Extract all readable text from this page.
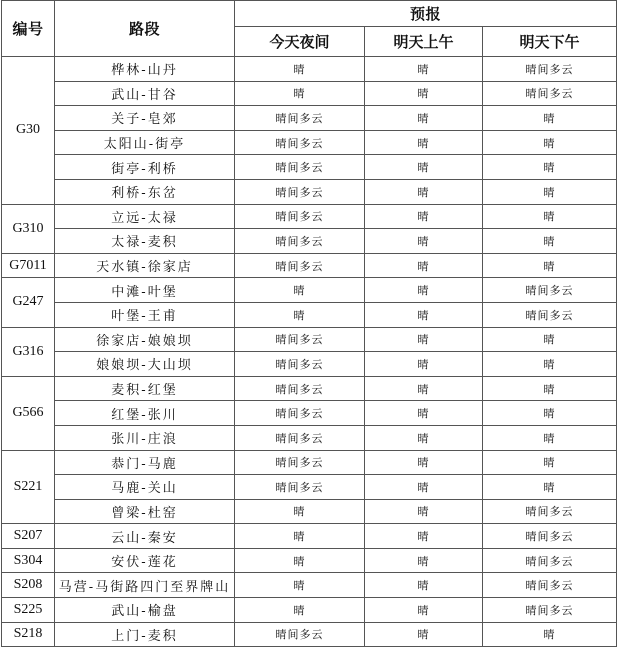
编号	路段	预报		
		今天夜间	明天上午	明天下午
G30	桦林-山丹	晴	晴	晴间多云
	武山-甘谷	晴	晴	晴间多云
	关子-皂郊	晴间多云	晴	晴
	太阳山-街亭	晴间多云	晴	晴
	街亭-利桥	晴间多云	晴	晴
	利桥-东岔	晴间多云	晴	晴
G310	立远-太禄	晴间多云	晴	晴
	太禄-麦积	晴间多云	晴	晴
G7011	天水镇-徐家店	晴间多云	晴	晴
G247	中滩-叶堡	晴	晴	晴间多云
	叶堡-王甫	晴	晴	晴间多云
G316	徐家店-娘娘坝	晴间多云	晴	晴
	娘娘坝-大山坝	晴间多云	晴	晴
G566	麦积-红堡	晴间多云	晴	晴
	红堡-张川	晴间多云	晴	晴
	张川-庄浪	晴间多云	晴	晴
S221	恭门-马鹿	晴间多云	晴	晴
	马鹿-关山	晴间多云	晴	晴
	曾梁-杜窑	晴	晴	晴间多云
S207	云山-秦安	晴	晴	晴间多云
S304	安伏-莲花	晴	晴	晴间多云
S208	马营-马街路四门至界牌山	晴	晴	晴间多云
S225	武山-榆盘	晴	晴	晴间多云
S218	上门-麦积	晴间多云	晴	晴
